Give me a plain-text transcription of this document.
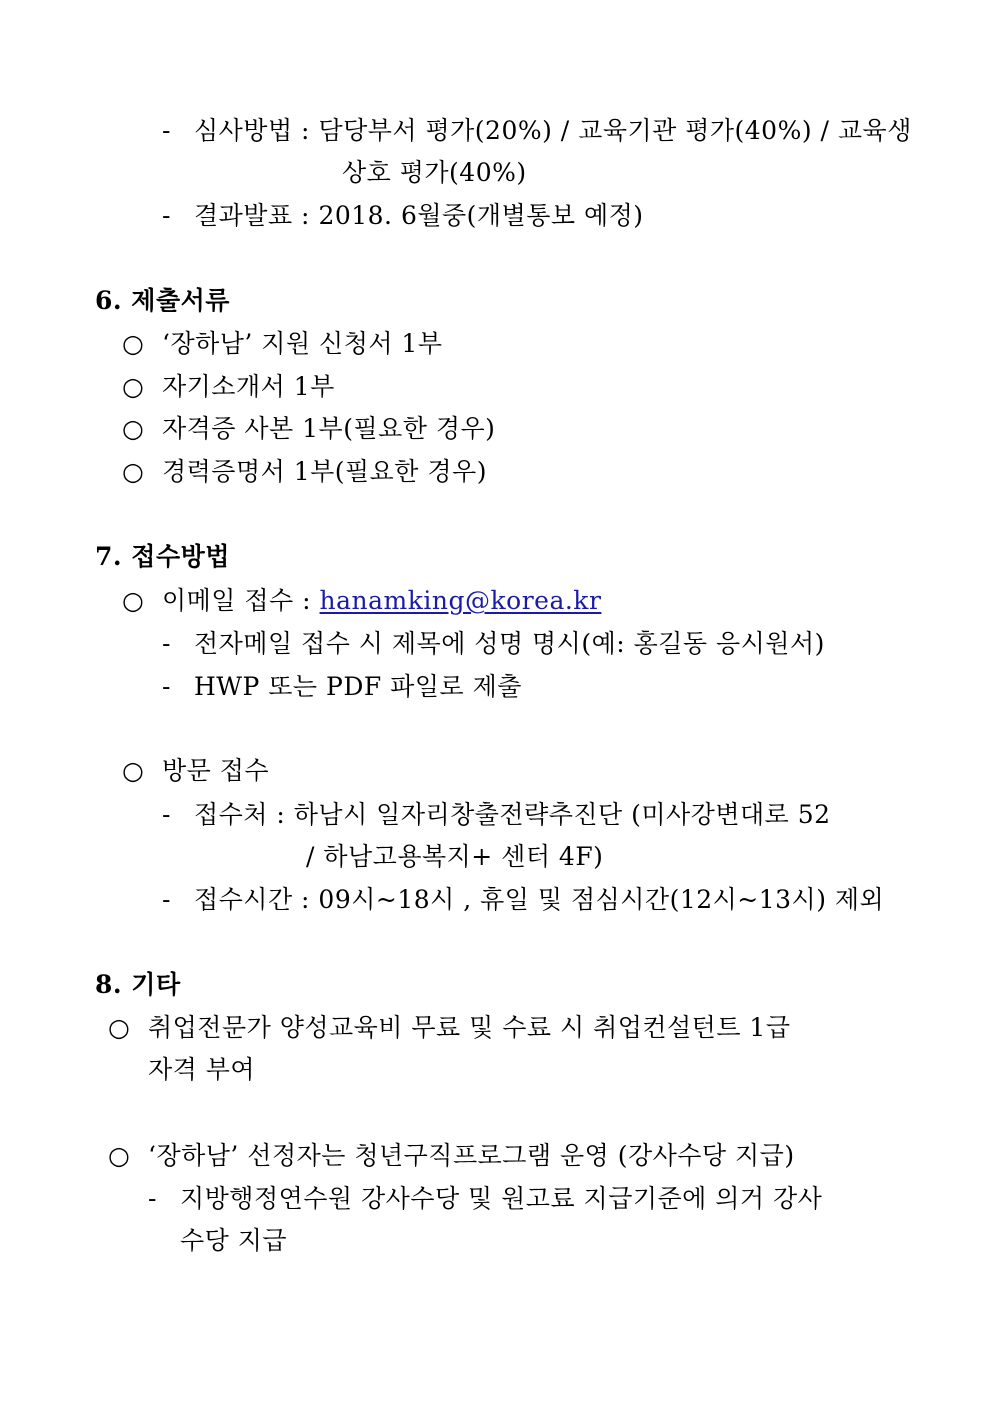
- 심사방법 : 담당부서 평가(20%) / 교육기관 평가(40%) / 교육생
상호 평가(40%)
- 결과발표 : 2018. 6월중(개별통보 예정)
6. 제출서류
○ ‘장하남’ 지원 신청서 1부
○ 자기소개서 1부
○ 자격증 사본 1부(필요한 경우)
○ 경력증명서 1부(필요한 경우)
7. 접수방법
○ 이메일 접수 : hanamking@korea.kr
- 전자메일 접수 시 제목에 성명 명시(예: 홍길동 응시원서)
- HWP 또는 PDF 파일로 제출
○ 방문 접수
- 접수처 : 하남시 일자리창출전략추진단 (미사강변대로 52
/ 하남고용복지+ 센터 4F)
- 접수시간 : 09시~18시 , 휴일 및 점심시간(12시~13시) 제외
8. 기타
○ 취업전문가 양성교육비 무료 및 수료 시 취업컨설턴트 1급
자격 부여
○ ‘장하남’ 선정자는 청년구직프로그램 운영 (강사수당 지급)
- 지방행정연수원 강사수당 및 원고료 지급기준에 의거 강사
수당 지급
